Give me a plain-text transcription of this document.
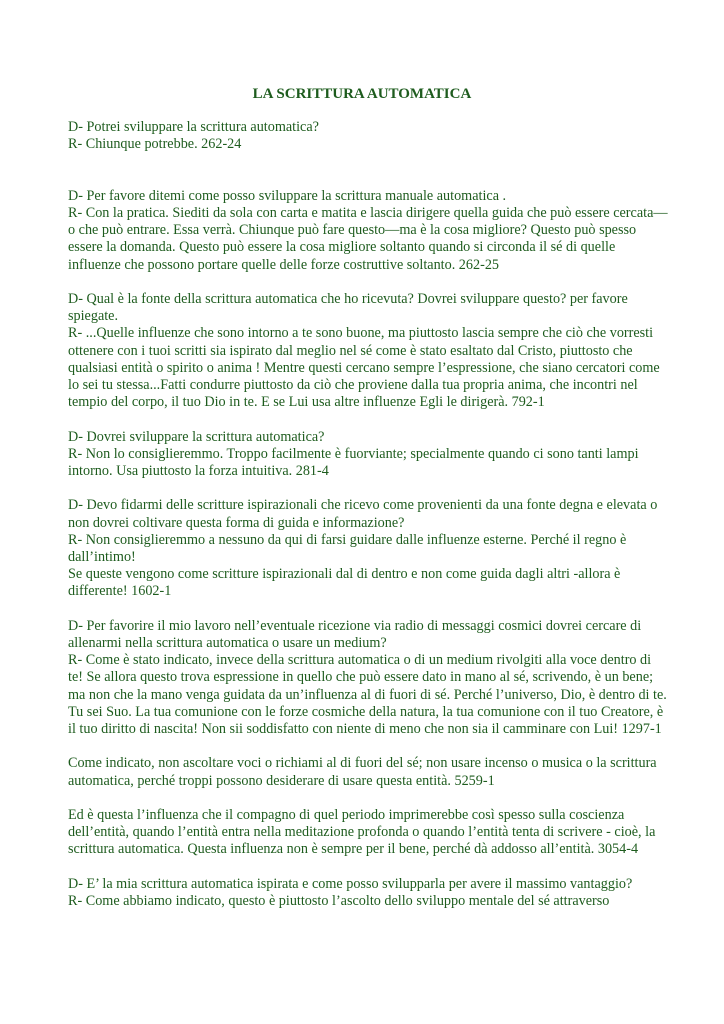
LA SCRITTURA AUTOMATICA

D- Potrei sviluppare la scrittura automatica?
R- Chiunque potrebbe. 262-24

D- Per favore ditemi come posso sviluppare la scrittura manuale automatica .
R- Con la pratica. Siediti da sola con carta e matita e lascia dirigere quella guida che può essere cercata—o che può entrare. Essa verrà. Chiunque può fare questo—ma è la cosa migliore? Questo può spesso essere la domanda. Questo può essere la cosa migliore soltanto quando si circonda il sé di quelle influenze che possono portare quelle delle forze costruttive soltanto. 262-25

D- Qual è la fonte della scrittura automatica che ho ricevuta? Dovrei sviluppare questo? per favore spiegate.
R- ...Quelle influenze che sono intorno a te sono buone, ma piuttosto lascia sempre che ciò che vorresti ottenere con i tuoi scritti sia ispirato dal meglio nel sé come è stato esaltato dal Cristo, piuttosto che qualsiasi entità o spirito o anima ! Mentre questi cercano sempre l’espressione, che siano cercatori come lo sei tu stessa...Fatti condurre piuttosto da ciò che proviene dalla tua propria anima, che incontri nel tempio del corpo, il tuo Dio in te. E se Lui usa altre influenze Egli le dirigerà. 792-1

D- Dovrei sviluppare la scrittura automatica?
R- Non lo consiglieremmo. Troppo facilmente è fuorviante; specialmente quando ci sono tanti lampi intorno. Usa piuttosto la forza intuitiva. 281-4

D- Devo fidarmi delle scritture ispirazionali che ricevo come provenienti da una fonte degna e elevata o non dovrei coltivare questa forma di guida e informazione?
R- Non consiglieremmo a nessuno da qui di farsi guidare dalle influenze esterne. Perché il regno è dall’intimo!
Se queste vengono come scritture ispirazionali dal di dentro e non come guida dagli altri -allora è differente! 1602-1

D- Per favorire il mio lavoro nell’eventuale ricezione via radio di messaggi cosmici dovrei cercare di allenarmi nella scrittura automatica o usare un medium?
R- Come è stato indicato, invece della scrittura automatica o di un medium rivolgiti alla voce dentro di te! Se allora questo trova espressione in quello che può essere dato in mano al sé, scrivendo, è un bene; ma non che la mano venga guidata da un’influenza al di fuori di sé. Perché l’universo, Dio, è dentro di te. Tu sei Suo. La tua comunione con le forze cosmiche della natura, la tua comunione con il tuo Creatore, è il tuo diritto di nascita! Non sii soddisfatto con niente di meno che non sia il camminare con Lui! 1297-1

Come indicato, non ascoltare voci o richiami al di fuori del sé; non usare incenso o musica o la scrittura automatica, perché troppi possono desiderare di usare questa entità. 5259-1

Ed è questa l’influenza che il compagno di quel periodo imprimerebbe così spesso sulla coscienza dell’entità, quando l’entità entra nella meditazione profonda o quando l’entità tenta di scrivere - cioè, la scrittura automatica. Questa influenza non è sempre per il bene, perché dà addosso all’entità. 3054-4

D- E’ la mia scrittura automatica ispirata e come posso svilupparla per avere il massimo vantaggio?
R- Come abbiamo indicato, questo è piuttosto l’ascolto dello sviluppo mentale del sé attraverso
